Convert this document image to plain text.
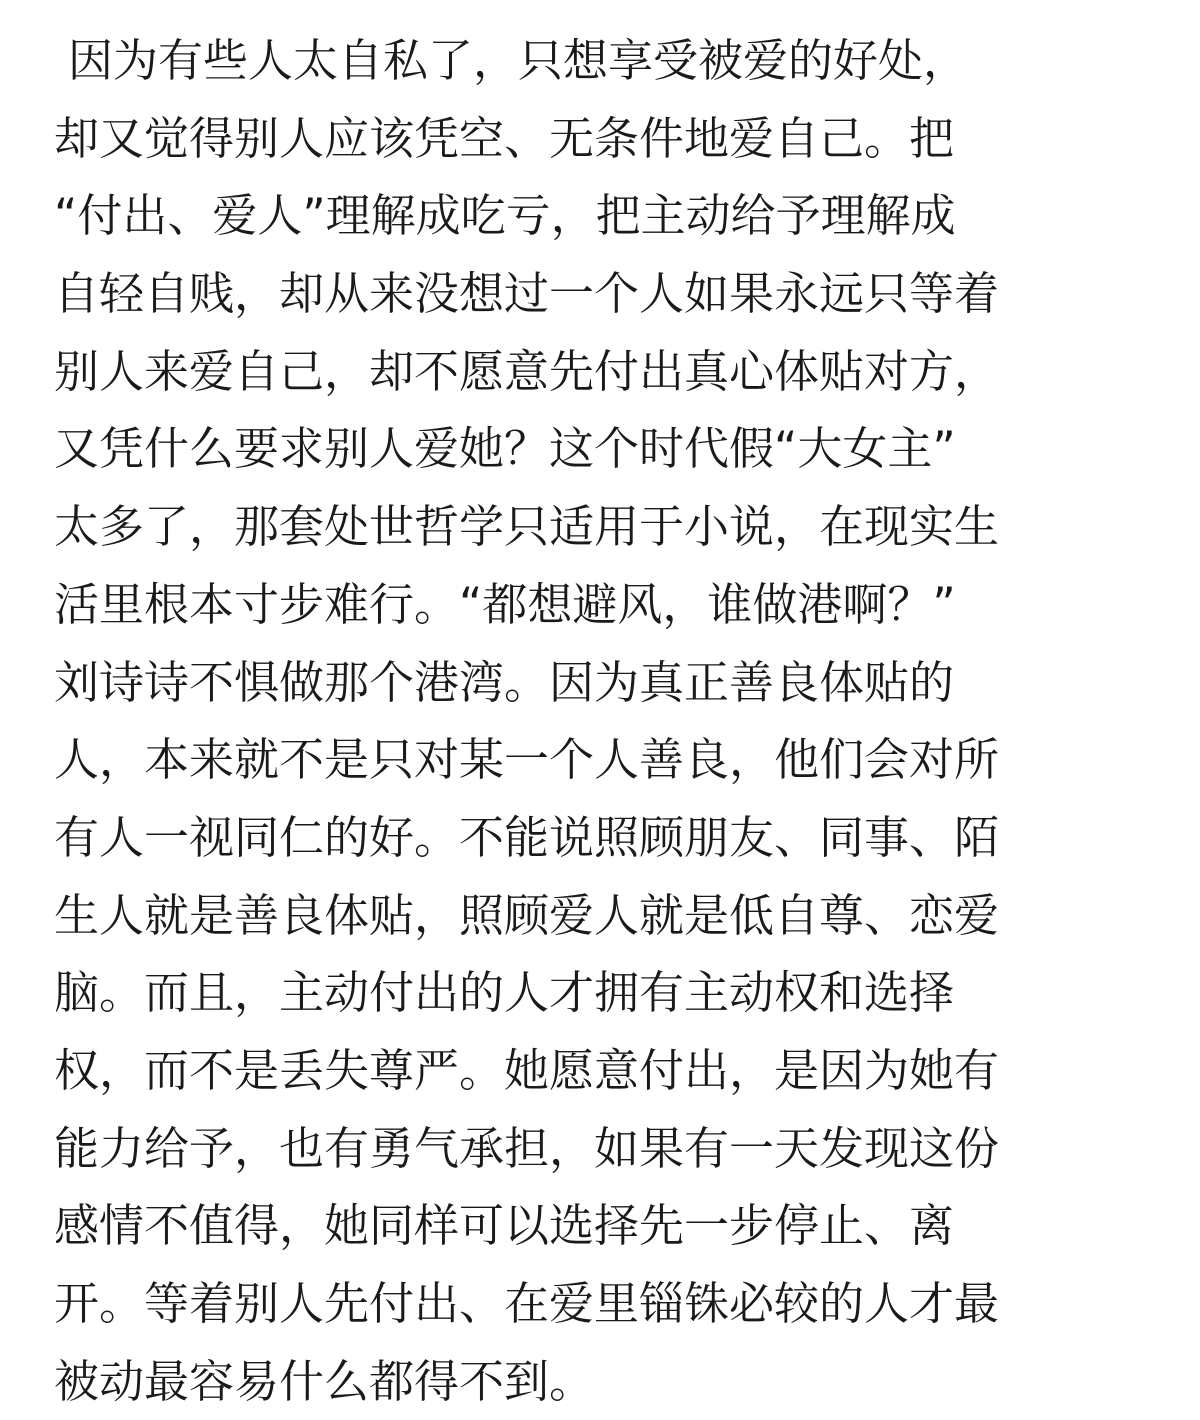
因为有些人太自私了，只想享受被爱的好处，
却又觉得别人应该凭空、无条件地爱自己。把
“付出、爱人”理解成吃亏，把主动给予理解成
自轻自贱，却从来没想过一个人如果永远只等着
别人来爱自己，却不愿意先付出真心体贴对方，
又凭什么要求别人爱她？这个时代假“大女主”
太多了，那套处世哲学只适用于小说，在现实生
活里根本寸步难行。“都想避风，谁做港啊？”
刘诗诗不惧做那个港湾。因为真正善良体贴的
人，本来就不是只对某一个人善良，他们会对所
有人一视同仁的好。不能说照顾朋友、同事、陌
生人就是善良体贴，照顾爱人就是低自尊、恋爱
脑。而且，主动付出的人才拥有主动权和选择
权，而不是丢失尊严。她愿意付出，是因为她有
能力给予，也有勇气承担，如果有一天发现这份
感情不值得，她同样可以选择先一步停止、离
开。等着别人先付出、在爱里锱铢必较的人才最
被动最容易什么都得不到。
